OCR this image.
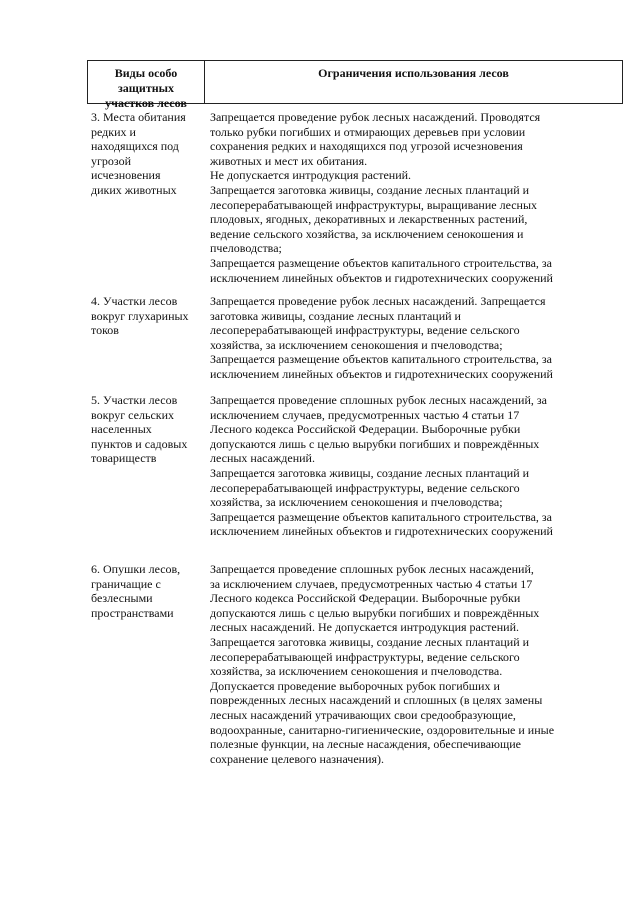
Виды особо
защитных
участков лесов
Ограничения использования лесов
3. Места обитания
редких и
находящихся под
угрозой
исчезновения
диких животных
Запрещается проведение рубок лесных насаждений. Проводятся
только рубки погибших и отмирающих деревьев при условии
сохранения редких и находящихся под угрозой исчезновения
животных и мест их обитания.
Не допускается интродукция растений.
Запрещается заготовка живицы, создание лесных плантаций и
лесоперерабатывающей инфраструктуры, выращивание лесных
плодовых, ягодных, декоративных и лекарственных растений,
ведение сельского хозяйства, за исключением сенокошения и
пчеловодства;
Запрещается размещение объектов капитального строительства, за
исключением линейных объектов и гидротехнических сооружений
4. Участки лесов
вокруг глухариных
токов
Запрещается проведение рубок лесных насаждений. Запрещается
заготовка живицы, создание лесных плантаций и
лесоперерабатывающей инфраструктуры, ведение сельского
хозяйства, за исключением сенокошения и пчеловодства;
Запрещается размещение объектов капитального строительства, за
исключением линейных объектов и гидротехнических сооружений
5. Участки лесов
вокруг сельских
населенных
пунктов и садовых
товариществ
Запрещается проведение сплошных рубок лесных насаждений, за
исключением случаев, предусмотренных частью 4 статьи 17
Лесного кодекса Российской Федерации. Выборочные рубки
допускаются лишь с целью вырубки погибших и повреждённых
лесных насаждений.
Запрещается заготовка живицы, создание лесных плантаций и
лесоперерабатывающей инфраструктуры, ведение сельского
хозяйства, за исключением сенокошения и пчеловодства;
Запрещается размещение объектов капитального строительства, за
исключением линейных объектов и гидротехнических сооружений
6. Опушки лесов,
граничащие с
безлесными
пространствами
Запрещается проведение сплошных рубок лесных насаждений,
за исключением случаев, предусмотренных частью 4 статьи 17
Лесного кодекса Российской Федерации. Выборочные рубки
допускаются лишь с целью вырубки погибших и повреждённых
лесных насаждений. Не допускается интродукция растений.
Запрещается заготовка живицы, создание лесных плантаций и
лесоперерабатывающей инфраструктуры, ведение сельского
хозяйства, за исключением сенокошения и пчеловодства.
Допускается проведение выборочных рубок погибших и
поврежденных лесных насаждений и сплошных (в целях замены
лесных насаждений утрачивающих свои средообразующие,
водоохранные, санитарно-гигиенические, оздоровительные и иные
полезные функции, на лесные насаждения, обеспечивающие
сохранение целевого назначения).
